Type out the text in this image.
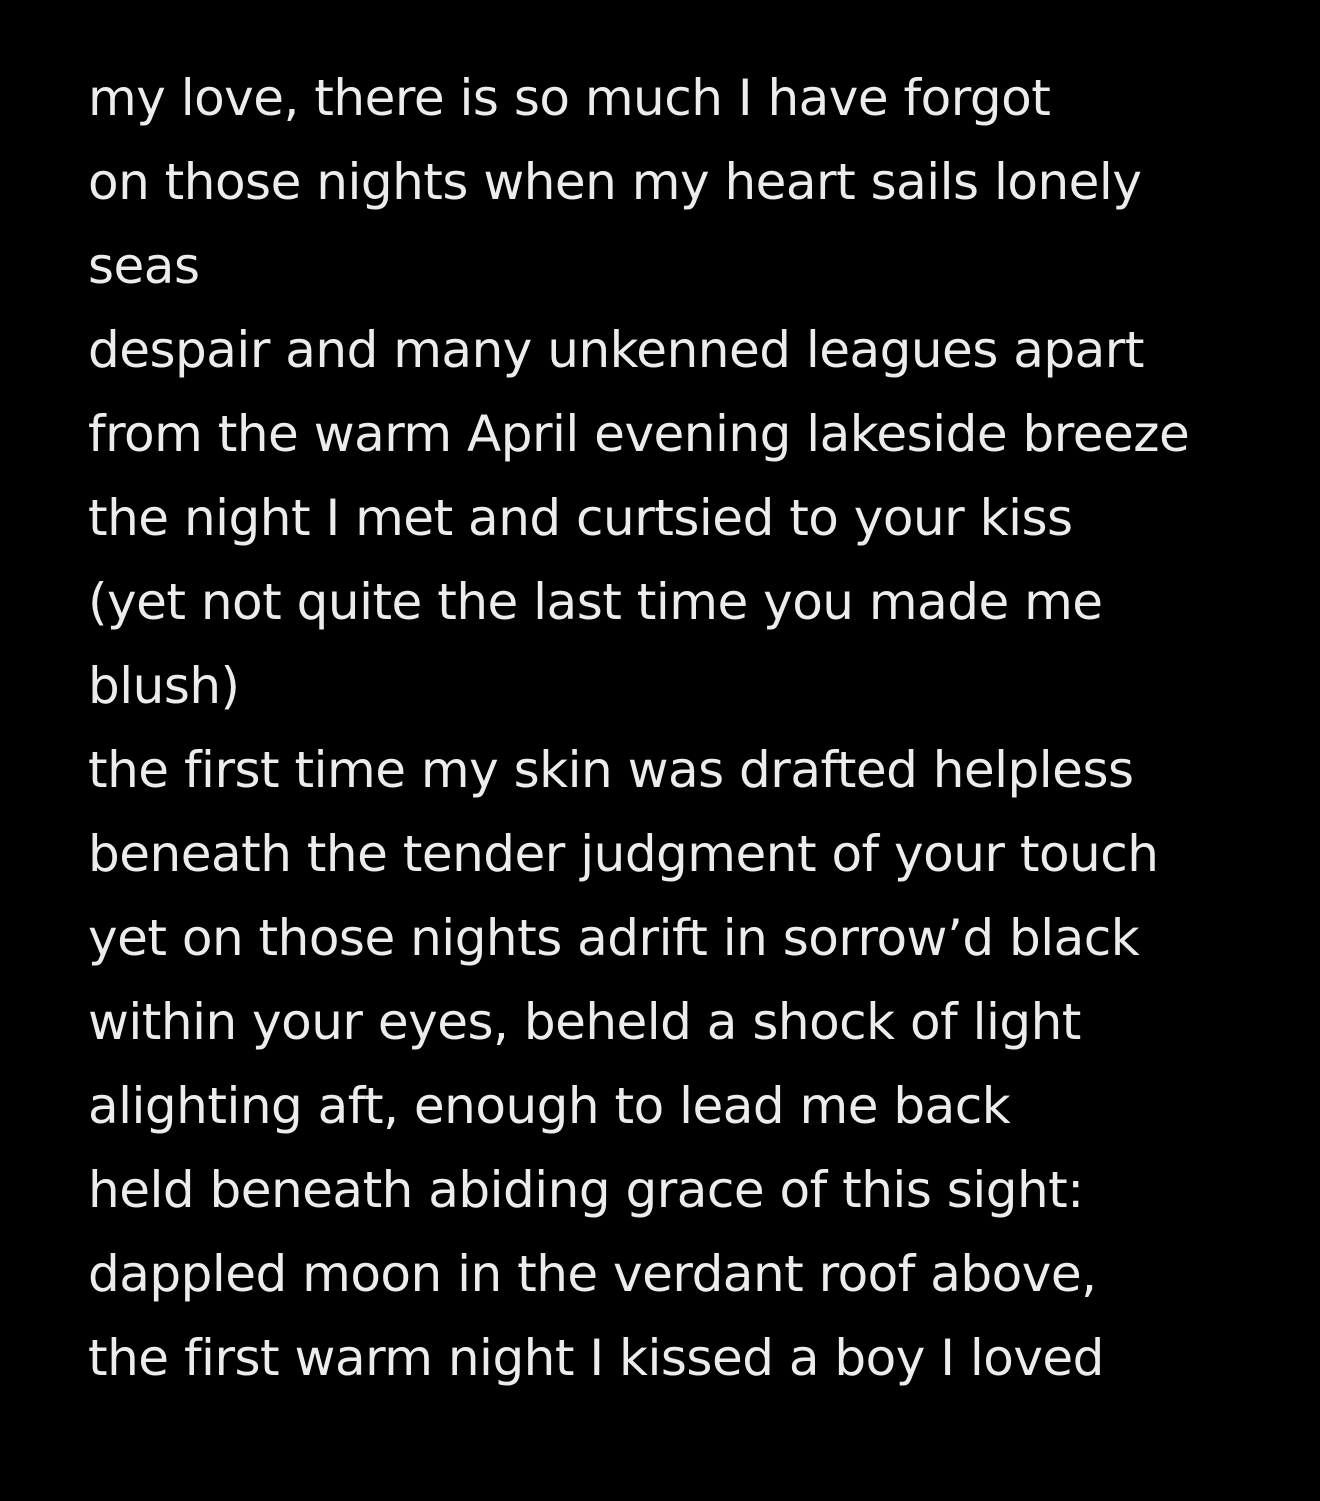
my love, there is so much I have forgot
on those nights when my heart sails lonely
seas
despair and many unkenned leagues apart
from the warm April evening lakeside breeze
the night I met and curtsied to your kiss
(yet not quite the last time you made me
blush)
the first time my skin was drafted helpless
beneath the tender judgment of your touch
yet on those nights adrift in sorrow’d black
within your eyes, beheld a shock of light
alighting aft, enough to lead me back
held beneath abiding grace of this sight:
dappled moon in the verdant roof above,
the first warm night I kissed a boy I loved
